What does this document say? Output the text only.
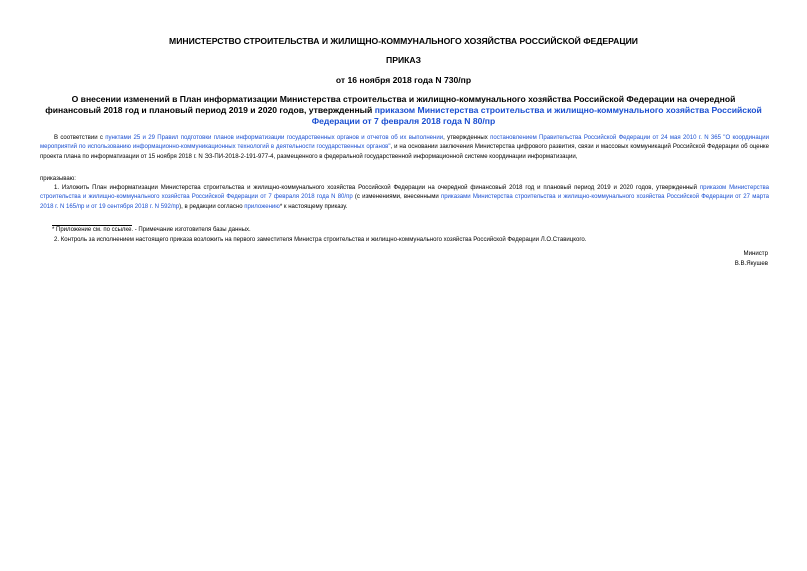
МИНИСТЕРСТВО СТРОИТЕЛЬСТВА И ЖИЛИЩНО-КОММУНАЛЬНОГО ХОЗЯЙСТВА РОССИЙСКОЙ ФЕДЕРАЦИИ
ПРИКАЗ
от 16 ноября 2018 года N 730/пр
О внесении изменений в План информатизации Министерства строительства и жилищно-коммунального хозяйства Российской Федерации на очередной финансовый 2018 год и плановый период 2019 и 2020 годов, утвержденный приказом Министерства строительства и жилищно-коммунального хозяйства Российской Федерации от 7 февраля 2018 года N 80/пр
В соответствии с пунктами 25 и 29 Правил подготовки планов информатизации государственных органов и отчетов об их выполнении, утвержденных постановлением Правительства Российской Федерации от 24 мая 2010 г. N 365 "О координации мероприятий по использованию информационно-коммуникационных технологий в деятельности государственных органов", и на основании заключения Министерства цифрового развития, связи и массовых коммуникаций Российской Федерации об оценке проекта плана по информатизации от 15 ноября 2018 г. N ЭЗ-ПИ-2018-2-191-977-4, размещенного в федеральной государственной информационной системе координации информатизации,
приказываю:
1. Изложить План информатизации Министерства строительства и жилищно-коммунального хозяйства Российской Федерации на очередной финансовый 2018 год и плановый период 2019 и 2020 годов, утвержденный приказом Министерства строительства и жилищно-коммунального хозяйства Российской Федерации от 7 февраля 2018 года N 80/пр (с изменениями, внесенными приказами Министерства строительства и жилищно-коммунального хозяйства Российской Федерации от 27 марта 2018 г. N 165/пр и от 19 сентября 2018 г. N 592/пр), в редакции согласно приложению* к настоящему приказу.
* Приложение см. по ссылке. - Примечание изготовителя базы данных.
2. Контроль за исполнением настоящего приказа возложить на первого заместителя Министра строительства и жилищно-коммунального хозяйства Российской Федерации Л.О.Ставицкого.
Министр
В.В.Якушев
